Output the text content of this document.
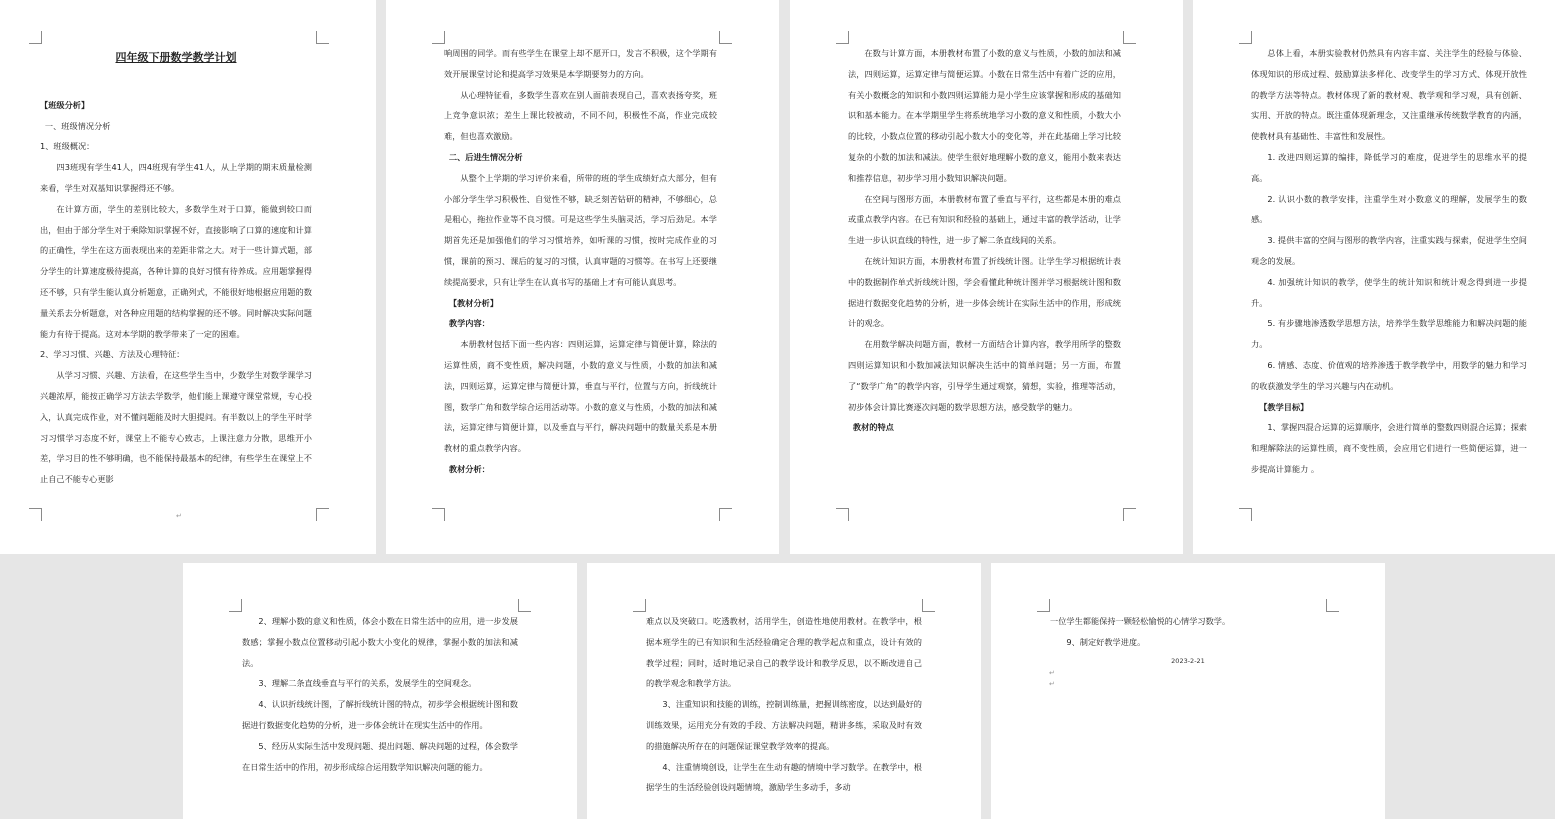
四年级下册数学教学计划

【班级分析】

一、班级情况分析

1、班级概况：

四3班现有学生41人，四4班现有学生41人，从上学期的期末质量检测来看，学生对双基知识掌握得还不够。

在计算方面，学生的差别比较大，多数学生对于口算，能做到较口而出，但由于部分学生对于乘除知识掌握不好，直接影响了口算的速度和计算的正确性，学生在这方面表现出来的差距非常之大。对于一些计算式题，部分学生的计算速度极待提高，各种计算的良好习惯有待养成。应用题掌握得还不够，只有学生能认真分析题意，正确列式，不能很好地根据应用题的数量关系去分析题意，对各种应用题的结构掌握的还不够。同时解决实际问题能力有待于提高。这对本学期的教学带来了一定的困难。

2、学习习惯、兴趣、方法及心理特征：

从学习习惯、兴趣、方法看，在这些学生当中，少数学生对数学课学习兴趣浓厚，能按正确学习方法去学数学，他们能上课遵守课堂常规，专心投入，认真完成作业，对不懂问题能及时大胆提问。有半数以上的学生平时学习习惯学习态度不好，课堂上不能专心致志，上课注意力分散，思维开小差，学习目的性不够明确，也不能保持最基本的纪律，有些学生在课堂上不止自己不能专心更影

↵

响周围的同学。而有些学生在课堂上却不愿开口，发言不积极，这个学期有效开展课堂讨论和提高学习效果是本学期要努力的方向。

从心理特征看，多数学生喜欢在别人面前表现自己，喜欢表扬夸奖，班上竞争意识浓；差生上课比较被动，不同不问，积极性不高，作业完成较难，但也喜欢激励。

二、后进生情况分析

从整个上学期的学习评价来看，所带的班的学生成绩好点大部分，但有小部分学生学习积极性、自觉性不够，缺乏刻苦钻研的精神，不够细心，总是粗心，拖拉作业等不良习惯。可是这些学生头脑灵活，学习后劲足。本学期首先还是加强他们的学习习惯培养，如听课的习惯，按时完成作业的习惯，课前的预习、课后的复习的习惯，认真审题的习惯等。在书写上还要继续提高要求，只有让学生在认真书写的基础上才有可能认真思考。

【教材分析】

教学内容：

本册教材包括下面一些内容：四则运算，运算定律与简便计算，除法的运算性质，商不变性质，解决问题，小数的意义与性质，小数的加法和减法，四则运算，运算定律与简便计算，垂直与平行，位置与方向，折线统计图，数学广角和数学综合运用活动等。小数的意义与性质，小数的加法和减法，运算定律与简便计算，以及垂直与平行，解决问题中的数量关系是本册教材的重点教学内容。

教材分析：

在数与计算方面，本册教材布置了小数的意义与性质，小数的加法和减法，四则运算，运算定律与简便运算。小数在日常生活中有着广泛的应用，有关小数概念的知识和小数四则运算能力是小学生应该掌握和形成的基础知识和基本能力。在本学期里学生将系统地学习小数的意义和性质，小数大小的比较，小数点位置的移动引起小数大小的变化等，并在此基础上学习比较复杂的小数的加法和减法。使学生很好地理解小数的意义，能用小数来表达和推荐信息，初步学习用小数知识解决问题。

在空间与图形方面，本册教材布置了垂直与平行，这些都是本册的难点或重点教学内容。在已有知识和经验的基础上，通过丰富的教学活动，让学生进一步认识直线的特性，进一步了解二条直线间的关系。

在统计知识方面，本册教材布置了折线统计图。让学生学习根据统计表中的数据制作单式折线统计图，学会看懂此种统计图并学习根据统计图和数据进行数据变化趋势的分析，进一步体会统计在实际生活中的作用，形成统计的观念。

在用数学解决问题方面，教材一方面结合计算内容，教学用所学的整数四则运算知识和小数加减法知识解决生活中的简单问题；另一方面，布置了“数学广角”的教学内容，引导学生通过观察，猜想，实验，推理等活动，初步体会计算比赛逐次问题的数学思想方法，感受数学的魅力。

教材的特点

总体上看，本册实验教材仍然具有内容丰富、关注学生的经验与体验、体现知识的形成过程、鼓励算法多样化、改变学生的学习方式、体现开放性的教学方法等特点。教材体现了新的教材观、教学观和学习观，具有创新、实用、开放的特点。既注重体现新理念，又注重继承传统数学教育的内涵，使教材具有基础性、丰富性和发展性。

1. 改进四则运算的编排，降低学习的难度，促进学生的思维水平的提高。

2. 认识小数的教学安排，注重学生对小数意义的理解，发展学生的数感。

3. 提供丰富的空间与图形的教学内容，注重实践与探索，促进学生空间观念的发展。

4. 加强统计知识的教学，使学生的统计知识和统计观念得到进一步提升。

5. 有步骤地渗透数学思想方法，培养学生数学思维能力和解决问题的能力。

6. 情感、态度、价值观的培养渗透于教学教学中，用数学的魅力和学习的收获激发学生的学习兴趣与内在动机。

【教学目标】

1、掌握四混合运算的运算顺序，会进行简单的整数四则混合运算；探索和理解除法的运算性质，商不变性质，会应用它们进行一些简便运算，进一步提高计算能力 。

2、理解小数的意义和性质，体会小数在日常生活中的应用，进一步发展数感；掌握小数点位置移动引起小数大小变化的规律，掌握小数的加法和减法。

3、理解二条直线垂直与平行的关系，发展学生的空间观念。

4、认识折线统计图，了解折线统计图的特点，初步学会根据统计图和数据进行数据变化趋势的分析，进一步体会统计在现实生活中的作用。

5、经历从实际生活中发现问题、提出问题、解决问题的过程，体会数学在日常生活中的作用，初步形成综合运用数学知识解决问题的能力。

难点以及突破口。吃透教材，活用学生，创造性地使用教材。在教学中，根据本班学生的已有知识和生活经验确定合理的教学起点和重点，设计有效的教学过程；同时，适时地记录自己的教学设计和教学反思，以不断改进自己的教学观念和教学方法。

3、注重知识和技能的训练，控制训练量，把握训练密度，以达到最好的训练效果，运用充分有效的手段、方法解决问题，精讲多练，采取及时有效的措施解决所存在的问题保证课堂教学效率的提高。

4、注重情境创设，让学生在生动有趣的情境中学习数学。在教学中，根据学生的生活经验创设问题情境，激励学生多动手，多动

一位学生都能保持一颗轻松愉悦的心情学习数学。

9、制定好教学进度。

2023-2-21

↵
↵
